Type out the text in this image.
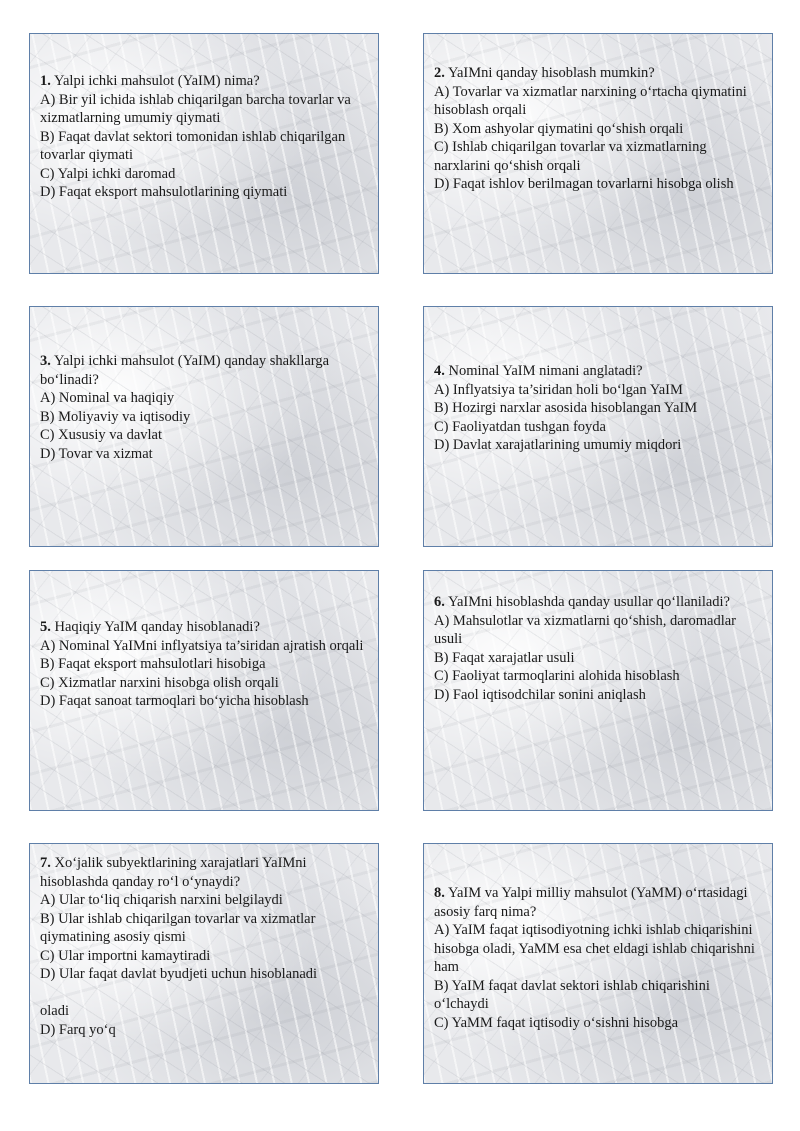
1. Yalpi ichki mahsulot (YaIM) nima?
A) Bir yil ichida ishlab chiqarilgan barcha tovarlar va xizmatlarning umumiy qiymati
B) Faqat davlat sektori tomonidan ishlab chiqarilgan tovarlar qiymati
C) Yalpi ichki daromad
D) Faqat eksport mahsulotlarining qiymati
2. YaIMni qanday hisoblash mumkin?
A) Tovarlar va xizmatlar narxining o‘rtacha qiymatini hisoblash orqali
B) Xom ashyolar qiymatini qo‘shish orqali
C) Ishlab chiqarilgan tovarlar va xizmatlarning narxlarini qo‘shish orqali
D) Faqat ishlov berilmagan tovarlarni hisobga olish
3. Yalpi ichki mahsulot (YaIM) qanday shakllarga bo‘linadi?
A) Nominal va haqiqiy
B) Moliyaviy va iqtisodiy
C) Xususiy va davlat
D) Tovar va xizmat
4. Nominal YaIM nimani anglatadi?
A) Inflyatsiya ta’siridan holi bo‘lgan YaIM
B) Hozirgi narxlar asosida hisoblangan YaIM
C) Faoliyatdan tushgan foyda
D) Davlat xarajatlarining umumiy miqdori
5. Haqiqiy YaIM qanday hisoblanadi?
A) Nominal YaIMni inflyatsiya ta’siridan ajratish orqali
B) Faqat eksport mahsulotlari hisobiga
C) Xizmatlar narxini hisobga olish orqali
D) Faqat sanoat tarmoqlari bo‘yicha hisoblash
6. YaIMni hisoblashda qanday usullar qo‘llaniladi?
A) Mahsulotlar va xizmatlarni qo‘shish, daromadlar usuli
B) Faqat xarajatlar usuli
C) Faoliyat tarmoqlarini alohida hisoblash
D) Faol iqtisodchilar sonini aniqlash
7. Xo‘jalik subyektlarining xarajatlari YaIMni hisoblashda qanday ro‘l o‘ynaydi?
A) Ular to‘liq chiqarish narxini belgilaydi
B) Ular ishlab chiqarilgan tovarlar va xizmatlar qiymatining asosiy qismi
C) Ular importni kamaytiradi
D) Ular faqat davlat byudjeti uchun hisoblanadi
oladi
D) Farq yo‘q
8. YaIM va Yalpi milliy mahsulot (YaMM) o‘rtasidagi asosiy farq nima?
A) YaIM faqat iqtisodiyotning ichki ishlab chiqarishini hisobga oladi, YaMM esa chet eldagi ishlab chiqarishni ham
B) YaIM faqat davlat sektori ishlab chiqarishini o‘lchaydi
C) YaMM faqat iqtisodiy o‘sishni hisobga
